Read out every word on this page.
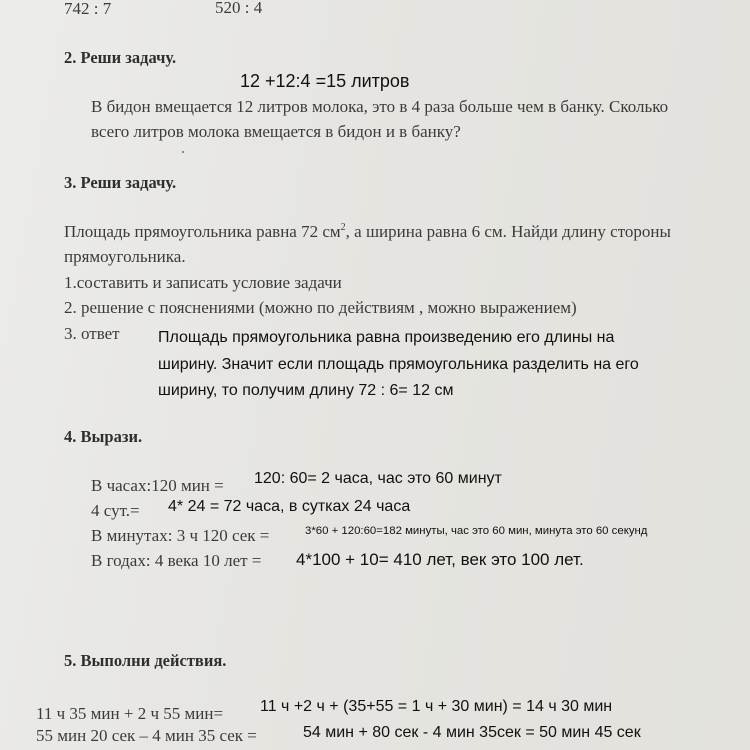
742 : 7	520 : 4
2. Реши задачу.
12 +12:4 =15 литров
В бидон вмещается 12 литров молока, это в 4 раза больше чем в банку. Сколько
всего литров молока вмещается в бидон и в банку?
3. Реши задачу.
Площадь прямоугольника равна 72 $см^2$, а ширина равна 6 см. Найди длину стороны
прямоугольника.
1.составить и записать условие задачи
2. решение с пояснениями (можно по действиям , можно выражением)
3. ответ Площадь прямоугольника равна произведению его длины на
ширину. Значит если площадь прямоугольника разделить на его
ширину, то получим длину 72 : 6= 12 см
4. Вырази.
В часах:120 мин = 120: 60= 2 часа, час это 60 минут
4 сут.= 4* 24 = 72 часа, в сутках 24 часа
В минутах: 3 ч 120 сек =	3*60 + 120:60=182 минуты, час это 60 мин, минута это 60 секунд
В годах: 4 века 10 лет = 4*100 + 10= 410 лет, век это 100 лет.
5. Выполни действия.
11 ч 35 мин + 2 ч 55 мин= 11 ч +2 ч + (35+55 = 1 ч + 30 мин) = 14 ч 30 мин
55 мин 20 сек – 4 мин 35 сек =	54 мин + 80 сек - 4 мин 35сек = 50 мин 45 сек
